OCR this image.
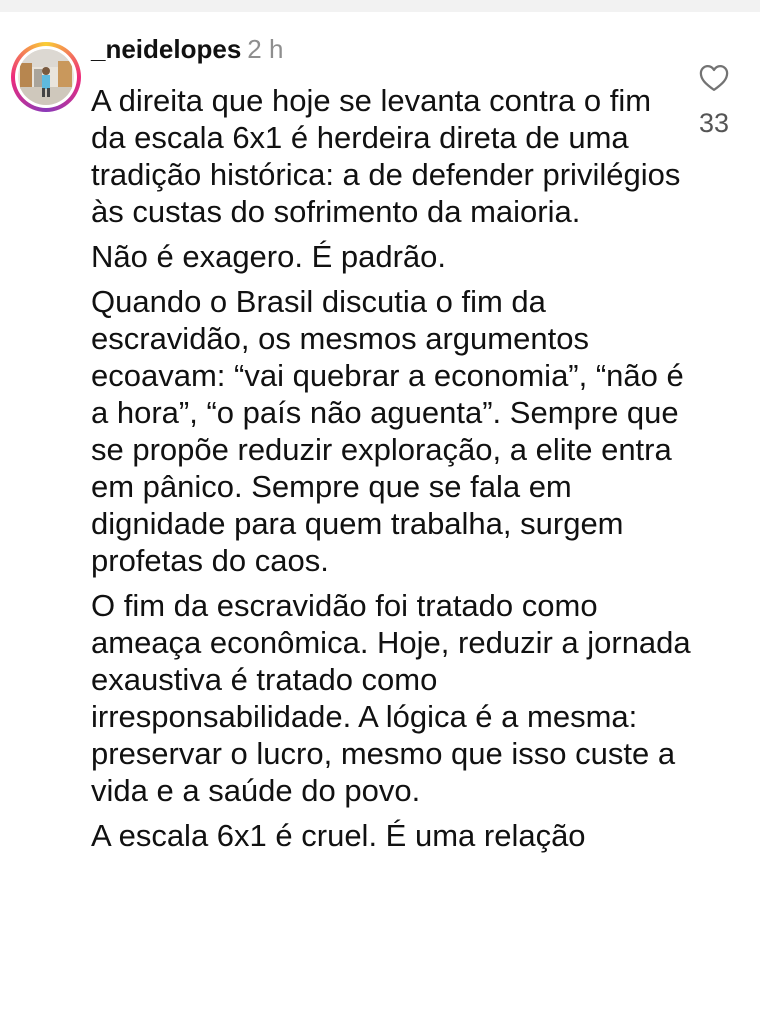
_neidelopes 2 h

A direita que hoje se levanta contra o fim da escala 6x1 é herdeira direta de uma tradição histórica: a de defender privilégios às custas do sofrimento da maioria.

Não é exagero. É padrão.

Quando o Brasil discutia o fim da escravidão, os mesmos argumentos ecoavam: “vai quebrar a economia”, “não é a hora”, “o país não aguenta”. Sempre que se propõe reduzir exploração, a elite entra em pânico. Sempre que se fala em dignidade para quem trabalha, surgem profetas do caos.

O fim da escravidão foi tratado como ameaça econômica. Hoje, reduzir a jornada exaustiva é tratado como irresponsabilidade. A lógica é a mesma: preservar o lucro, mesmo que isso custe a vida e a saúde do povo.

A escala 6x1 é cruel. É uma relação

33
